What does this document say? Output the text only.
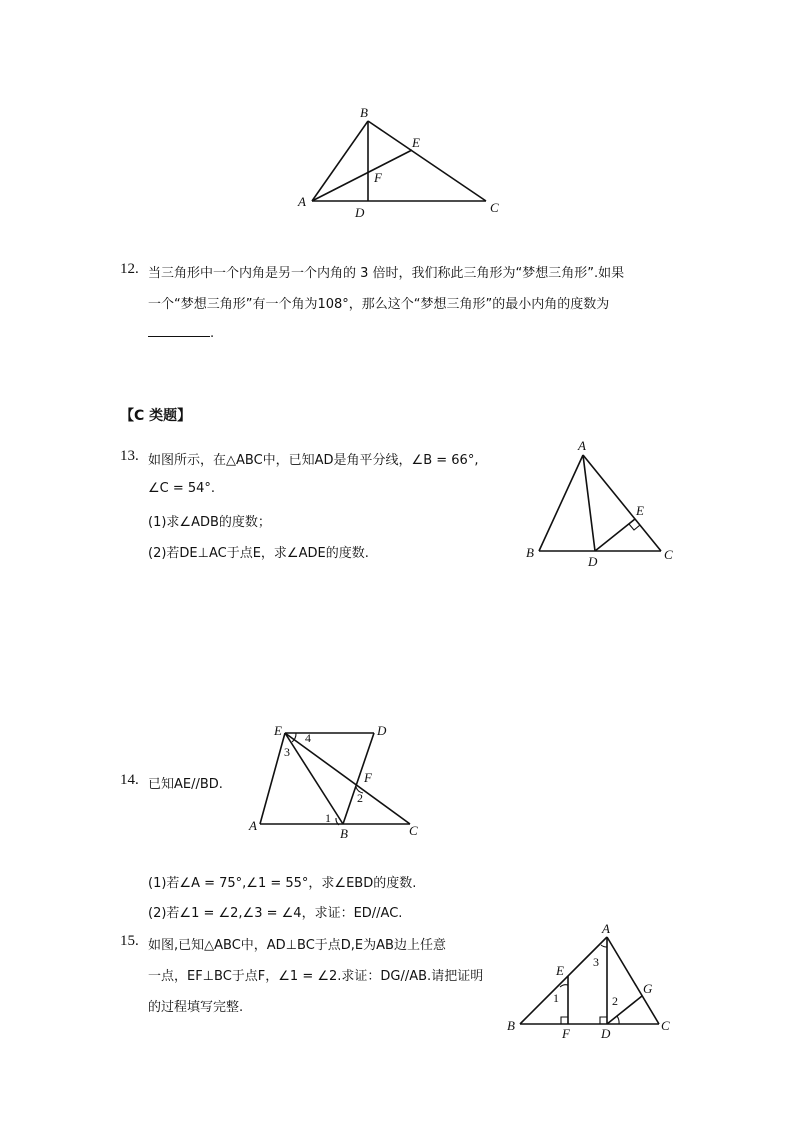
B
E
F
A
D	C
12. 当三角形中一个内角是另一个内角的 3 倍时，我们称此三角形为“梦想三角形”.如果
一个“梦想三角形”有一个角为108°，那么这个“梦想三角形”的最小内角的度数为
.
【C 类题】
13. 如图所示，在△ABC中，已知AD是角平分线，∠B = 66°,
∠C = 54°.
(1)求∠ADB的度数；
(2)若DE⊥AC于点E，求∠ADE的度数.
A
E
B
D	C
E 4
3
D
F
2
1
A
B	C
14. 已知AE//BD.
(1)若∠A = 75°,∠1 = 55°，求∠EBD的度数.
(2)若∠1 = ∠2,∠3 = ∠4，求证：ED//AC.
15. 如图,已知△ABC中，AD⊥BC于点D,E为AB边上任意
一点，EF⊥BC于点F，∠1 = ∠2.求证：DG//AB.请把证明
的过程填写完整.
A
3
E
G
1	2
B
F D
C
